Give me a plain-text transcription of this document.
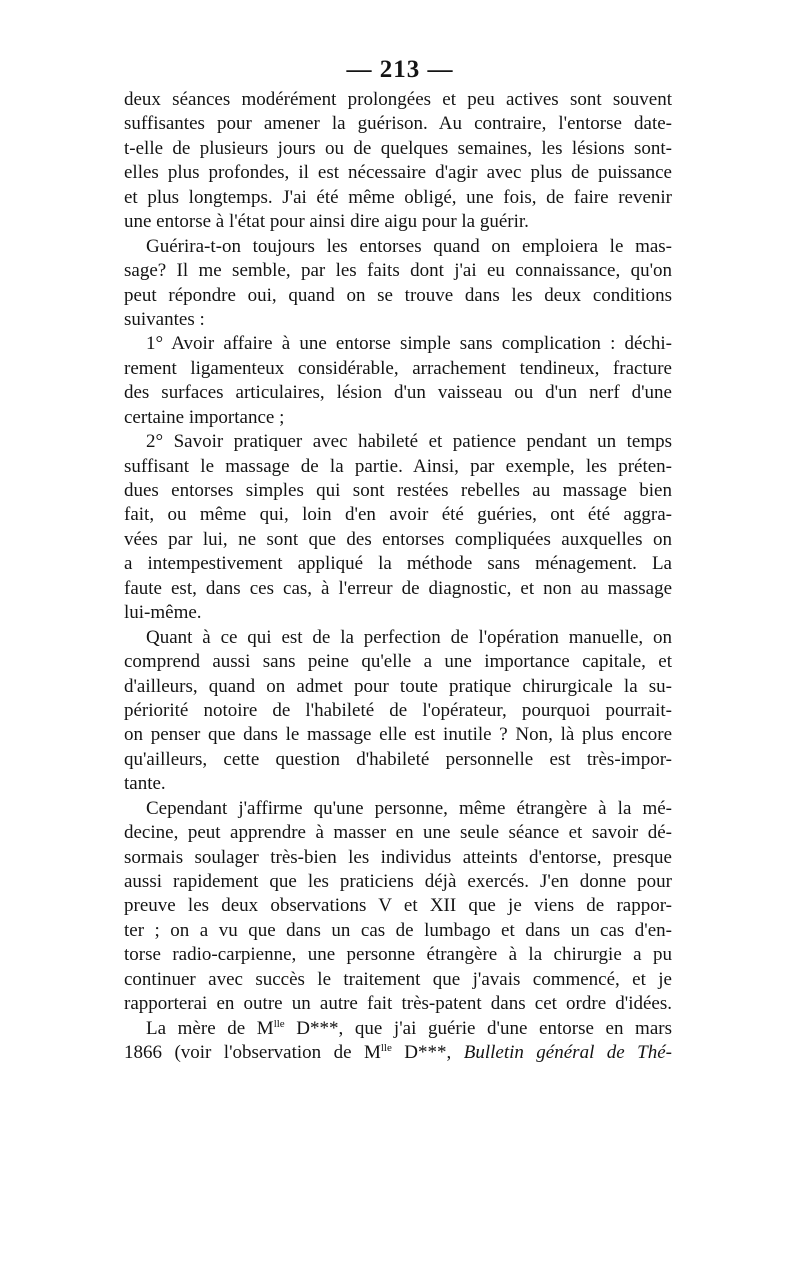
— 213 —
deux séances modérément prolongées et peu actives sont souvent
suffisantes pour amener la guérison. Au contraire, l'entorse date-
t-elle de plusieurs jours ou de quelques semaines, les lésions sont-
elles plus profondes, il est nécessaire d'agir avec plus de puissance
et plus longtemps. J'ai été même obligé, une fois, de faire revenir
une entorse à l'état pour ainsi dire aigu pour la guérir.
Guérira-t-on toujours les entorses quand on emploiera le mas-
sage? Il me semble, par les faits dont j'ai eu connaissance, qu'on
peut répondre oui, quand on se trouve dans les deux conditions
suivantes :
1° Avoir affaire à une entorse simple sans complication : déchi-
rement ligamenteux considérable, arrachement tendineux, fracture
des surfaces articulaires, lésion d'un vaisseau ou d'un nerf d'une
certaine importance ;
2° Savoir pratiquer avec habileté et patience pendant un temps
suffisant le massage de la partie. Ainsi, par exemple, les préten-
dues entorses simples qui sont restées rebelles au massage bien
fait, ou même qui, loin d'en avoir été guéries, ont été aggra-
vées par lui, ne sont que des entorses compliquées auxquelles on
a intempestivement appliqué la méthode sans ménagement. La
faute est, dans ces cas, à l'erreur de diagnostic, et non au massage
lui-même.
Quant à ce qui est de la perfection de l'opération manuelle, on
comprend aussi sans peine qu'elle a une importance capitale, et
d'ailleurs, quand on admet pour toute pratique chirurgicale la su-
périorité notoire de l'habileté de l'opérateur, pourquoi pourrait-
on penser que dans le massage elle est inutile ? Non, là plus encore
qu'ailleurs, cette question d'habileté personnelle est très-impor-
tante.
Cependant j'affirme qu'une personne, même étrangère à la mé-
decine, peut apprendre à masser en une seule séance et savoir dé-
sormais soulager très-bien les individus atteints d'entorse, presque
aussi rapidement que les praticiens déjà exercés. J'en donne pour
preuve les deux observations V et XII que je viens de rappor-
ter ; on a vu que dans un cas de lumbago et dans un cas d'en-
torse radio-carpienne, une personne étrangère à la chirurgie a pu
continuer avec succès le traitement que j'avais commencé, et je
rapporterai en outre un autre fait très-patent dans cet ordre d'idées.
La mère de $M^{lle}$ D***, que j'ai guérie d'une entorse en mars
1866 (voir l'observation de $M^{lle}$ D***, Bulletin général de Thé-
